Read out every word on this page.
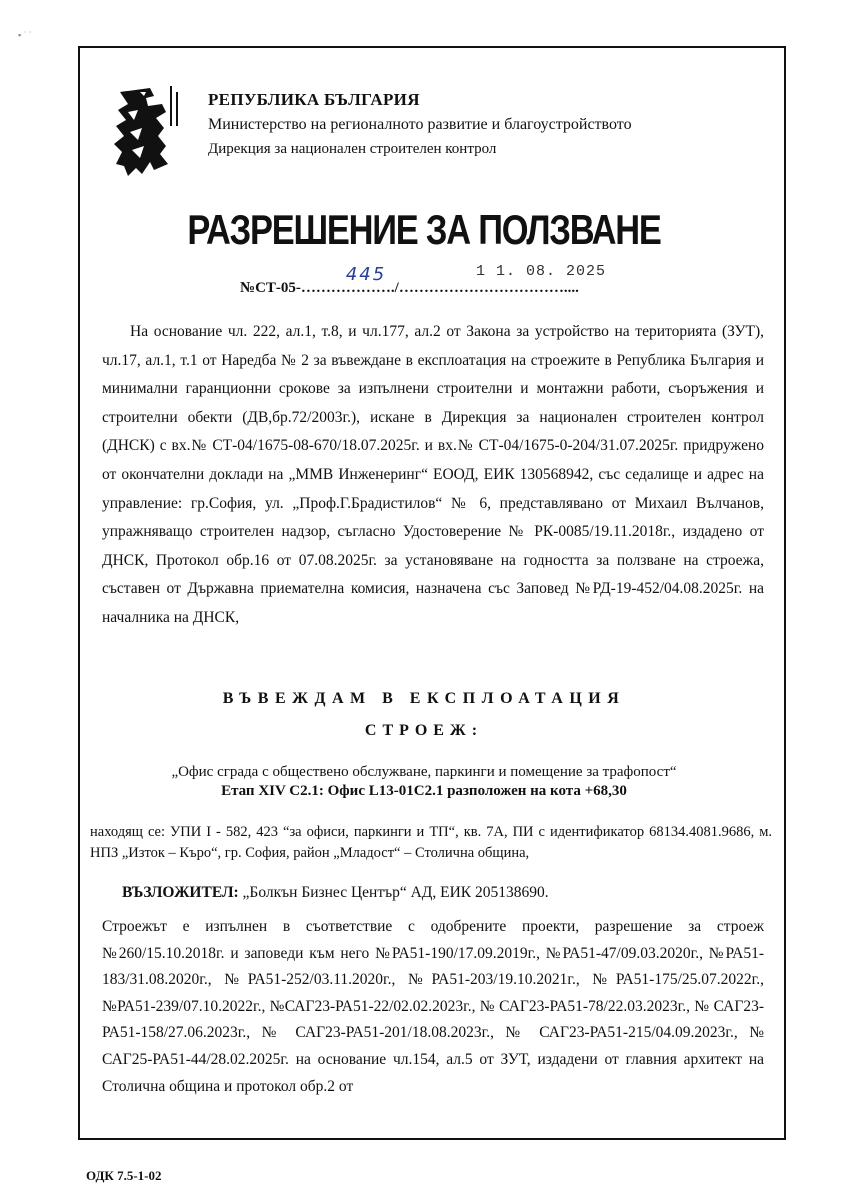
▪ ˙ ˙
РЕПУБЛИКА БЪЛГАРИЯ
Министерство на регионалното развитие и благоустройството
Дирекция за национален строителен контрол
РАЗРЕШЕНИЕ ЗА ПОЛЗВАНЕ
№СТ-05-………………./……………………………....
445	1 1. 08. 2025
На основание чл. 222, ал.1, т.8, и чл.177, ал.2 от Закона за устройство на територията (ЗУТ), чл.17, ал.1, т.1 от Наредба № 2 за въвеждане в експлоатация на строежите в Република България и минимални гаранционни срокове за изпълнени строителни и монтажни работи, съоръжения и строителни обекти (ДВ,бр.72/2003г.), искане в Дирекция за национален строителен контрол (ДНСК) с вх.№ СТ-04/1675-08-670/18.07.2025г. и вх.№ СТ-04/1675-0-204/31.07.2025г. придружено от окончателни доклади на „ММВ Инженеринг“ ЕООД, ЕИК 130568942, със седалище и адрес на управление: гр.София, ул. „Проф.Г.Брадистилов“ № 6, представлявано от Михаил Вълчанов, упражняващо строителен надзор, съгласно Удостоверение № РК-0085/19.11.2018г., издадено от ДНСК, Протокол обр.16 от 07.08.2025г. за установяване на годността за ползване на строежа, съставен от Държавна приемателна комисия, назначена със Заповед №РД-19-452/04.08.2025г. на началника на ДНСК,
ВЪВЕЖДАМ В ЕКСПЛОАТАЦИЯ
СТРОЕЖ:
„Офис сграда с обществено обслужване, паркинги и помещение за трафопост“
Етап XIV С2.1: Офис L13-01С2.1 разположен на кота +68,30
находящ се: УПИ I - 582, 423 “за офиси, паркинги и ТП“, кв. 7А, ПИ с идентификатор 68134.4081.9686, м. НПЗ „Изток – Къро“, гр. София, район „Младост“ – Столична община,
ВЪЗЛОЖИТЕЛ: „Болкън Бизнес Център“ АД, ЕИК 205138690.
Строежът е изпълнен в съответствие с одобрените проекти, разрешение за строеж №260/15.10.2018г. и заповеди към него №РА51-190/17.09.2019г., №РА51-47/09.03.2020г., №РА51-183/31.08.2020г., №РА51-252/03.11.2020г., №РА51-203/19.10.2021г., №РА51-175/25.07.2022г., №РА51-239/07.10.2022г., №САГ23-РА51-22/02.02.2023г., № САГ23-РА51-78/22.03.2023г., № САГ23-РА51-158/27.06.2023г., № САГ23-РА51-201/18.08.2023г., № САГ23-РА51-215/04.09.2023г., № САГ25-РА51-44/28.02.2025г. на основание чл.154, ал.5 от ЗУТ, издадени от главния архитект на Столична община и протокол обр.2 от
ОДК 7.5-1-02
